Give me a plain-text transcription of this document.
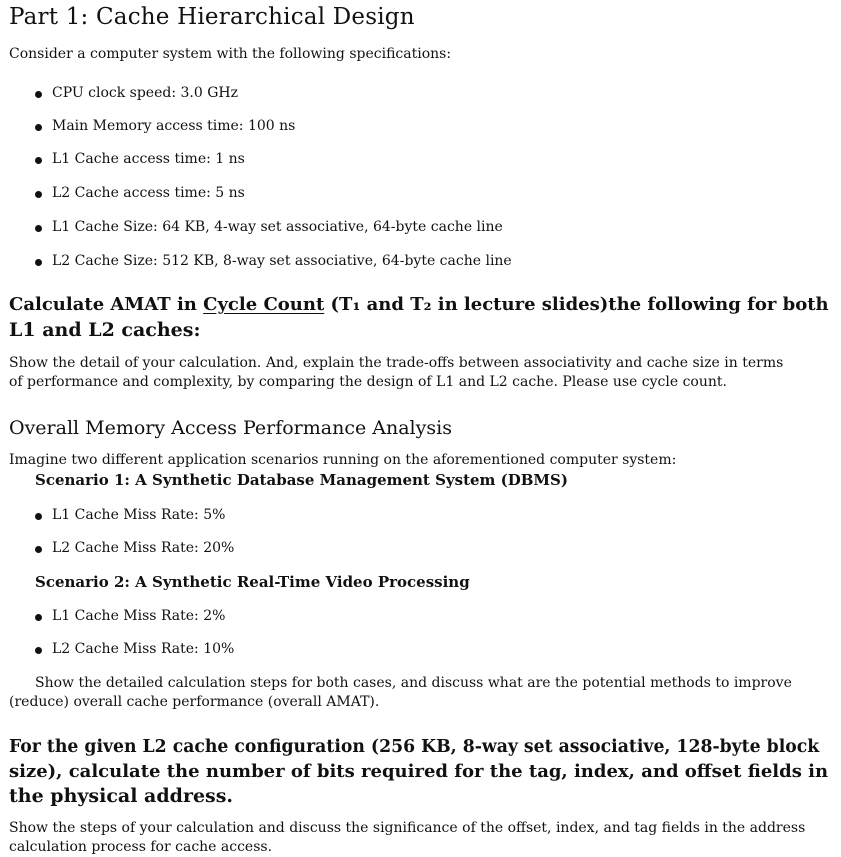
Part 1: Cache Hierarchical Design
Consider a computer system with the following specifications:
CPU clock speed: 3.0 GHz
Main Memory access time: 100 ns
L1 Cache access time: 1 ns
L2 Cache access time: 5 ns
L1 Cache Size: 64 KB, 4-way set associative, 64-byte cache line
L2 Cache Size: 512 KB, 8-way set associative, 64-byte cache line
Calculate AMAT in Cycle Count (T₁ and T₂ in lecture slides)the following for both
L1 and L2 caches:
Show the detail of your calculation. And, explain the trade-offs between associativity and cache size in terms
of performance and complexity, by comparing the design of L1 and L2 cache. Please use cycle count.
Overall Memory Access Performance Analysis
Imagine two different application scenarios running on the aforementioned computer system:
Scenario 1: A Synthetic Database Management System (DBMS)
L1 Cache Miss Rate: 5%
L2 Cache Miss Rate: 20%
Scenario 2: A Synthetic Real-Time Video Processing
L1 Cache Miss Rate: 2%
L2 Cache Miss Rate: 10%
Show the detailed calculation steps for both cases, and discuss what are the potential methods to improve
(reduce) overall cache performance (overall AMAT).
For the given L2 cache configuration (256 KB, 8-way set associative, 128-byte block
size), calculate the number of bits required for the tag, index, and offset fields in
the physical address.
Show the steps of your calculation and discuss the significance of the offset, index, and tag fields in the address
calculation process for cache access.
